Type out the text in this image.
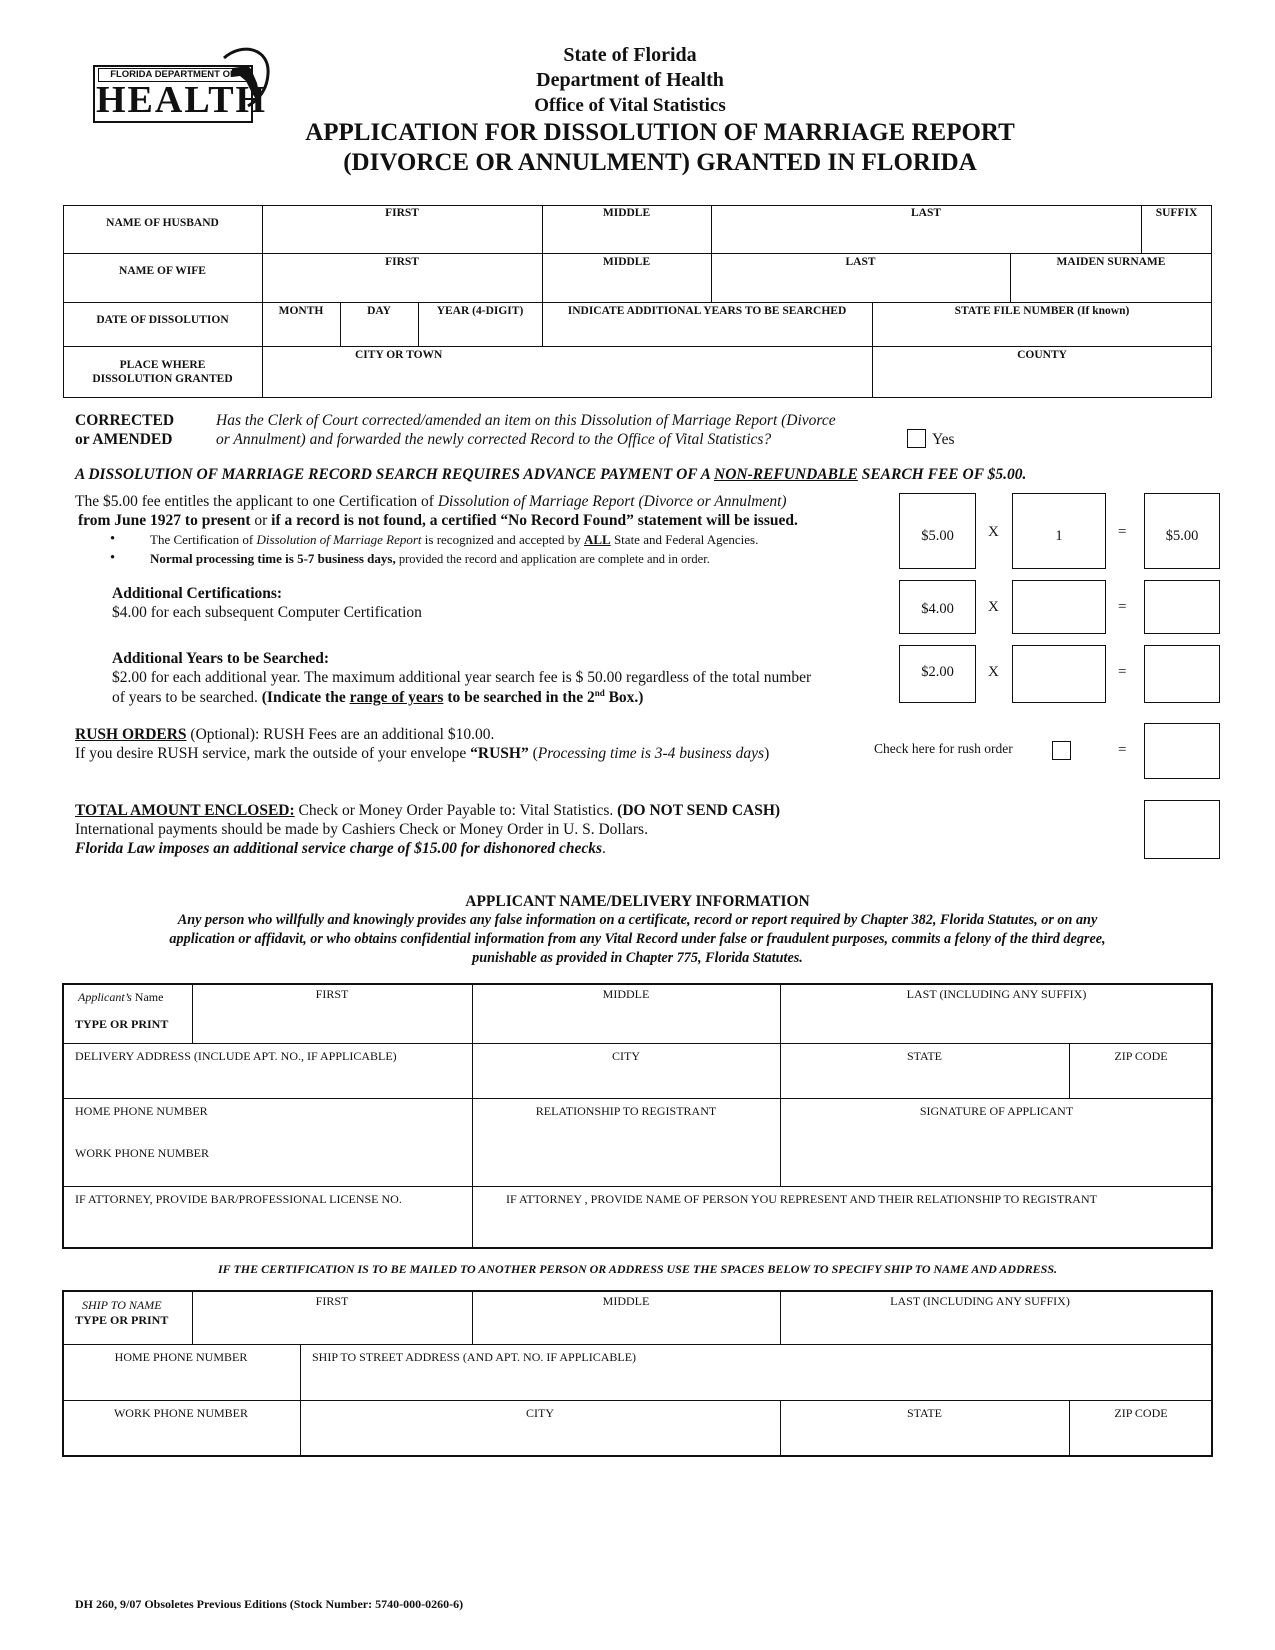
FLORIDA DEPARTMENT OF
HEALTH
State of Florida
Department of Health
Office of Vital Statistics
APPLICATION FOR DISSOLUTION OF MARRIAGE REPORT
(DIVORCE OR ANNULMENT) GRANTED IN FLORIDA
NAME OF HUSBAND
FIRST	MIDDLE	LAST	SUFFIX
NAME OF WIFE
FIRST	MIDDLE	LAST	MAIDEN SURNAME
DATE OF DISSOLUTION
MONTH	DAY	YEAR (4-DIGIT)	INDICATE ADDITIONAL YEARS TO BE SEARCHED	STATE FILE NUMBER (If known)
PLACE WHERE
DISSOLUTION GRANTED
CITY OR TOWN	COUNTY
CORRECTED
or AMENDED
Has the Clerk of Court corrected/amended an item on this Dissolution of Marriage Report (Divorce
or Annulment) and forwarded the newly corrected Record to the Office of Vital Statistics?	Yes
A DISSOLUTION OF MARRIAGE RECORD SEARCH REQUIRES ADVANCE PAYMENT OF A NON-REFUNDABLE SEARCH FEE OF $5.00.
The $5.00 fee entitles the applicant to one Certification of Dissolution of Marriage Report (Divorce or Annulment)
from June 1927 to present or if a record is not found, a certified “No Record Found” statement will be issued.
•	The Certification of Dissolution of Marriage Report is recognized and accepted by ALL State and Federal Agencies.
•	Normal processing time is 5-7 business days, provided the record and application are complete and in order.
Additional Certifications:
$4.00 for each subsequent Computer Certification
Additional Years to be Searched:
$2.00 for each additional year. The maximum additional year search fee is $ 50.00 regardless of the total number
of years to be searched. (Indicate the range of years to be searched in the 2nd Box.)
$5.00	X	1	=	$5.00
$4.00	X	=
$2.00	X	=
RUSH ORDERS (Optional): RUSH Fees are an additional $10.00.
If you desire RUSH service, mark the outside of your envelope “RUSH” (Processing time is 3-4 business days)	Check here for rush order	=
TOTAL AMOUNT ENCLOSED: Check or Money Order Payable to: Vital Statistics. (DO NOT SEND CASH)
International payments should be made by Cashiers Check or Money Order in U. S. Dollars.
Florida Law imposes an additional service charge of $15.00 for dishonored checks.
APPLICANT NAME/DELIVERY INFORMATION
Any person who willfully and knowingly provides any false information on a certificate, record or report required by Chapter 382, Florida Statutes, or on any
application or affidavit, or who obtains confidential information from any Vital Record under false or fraudulent purposes, commits a felony of the third degree,
punishable as provided in Chapter 775, Florida Statutes.
Applicant’s Name
TYPE OR PRINT
FIRST	MIDDLE	LAST (INCLUDING ANY SUFFIX)
DELIVERY ADDRESS (INCLUDE APT. NO., IF APPLICABLE)	CITY	STATE	ZIP CODE
HOME PHONE NUMBER
WORK PHONE NUMBER
RELATIONSHIP TO REGISTRANT	SIGNATURE OF APPLICANT
IF ATTORNEY, PROVIDE BAR/PROFESSIONAL LICENSE NO.	IF ATTORNEY , PROVIDE NAME OF PERSON YOU REPRESENT AND THEIR RELATIONSHIP TO REGISTRANT
IF THE CERTIFICATION IS TO BE MAILED TO ANOTHER PERSON OR ADDRESS USE THE SPACES BELOW TO SPECIFY SHIP TO NAME AND ADDRESS.
SHIP TO NAME
TYPE OR PRINT
FIRST	MIDDLE	LAST (INCLUDING ANY SUFFIX)
HOME PHONE NUMBER	SHIP TO STREET ADDRESS (AND APT. NO. IF APPLICABLE)
WORK PHONE NUMBER	CITY	STATE	ZIP CODE
DH 260, 9/07 Obsoletes Previous Editions (Stock Number: 5740-000-0260-6)
